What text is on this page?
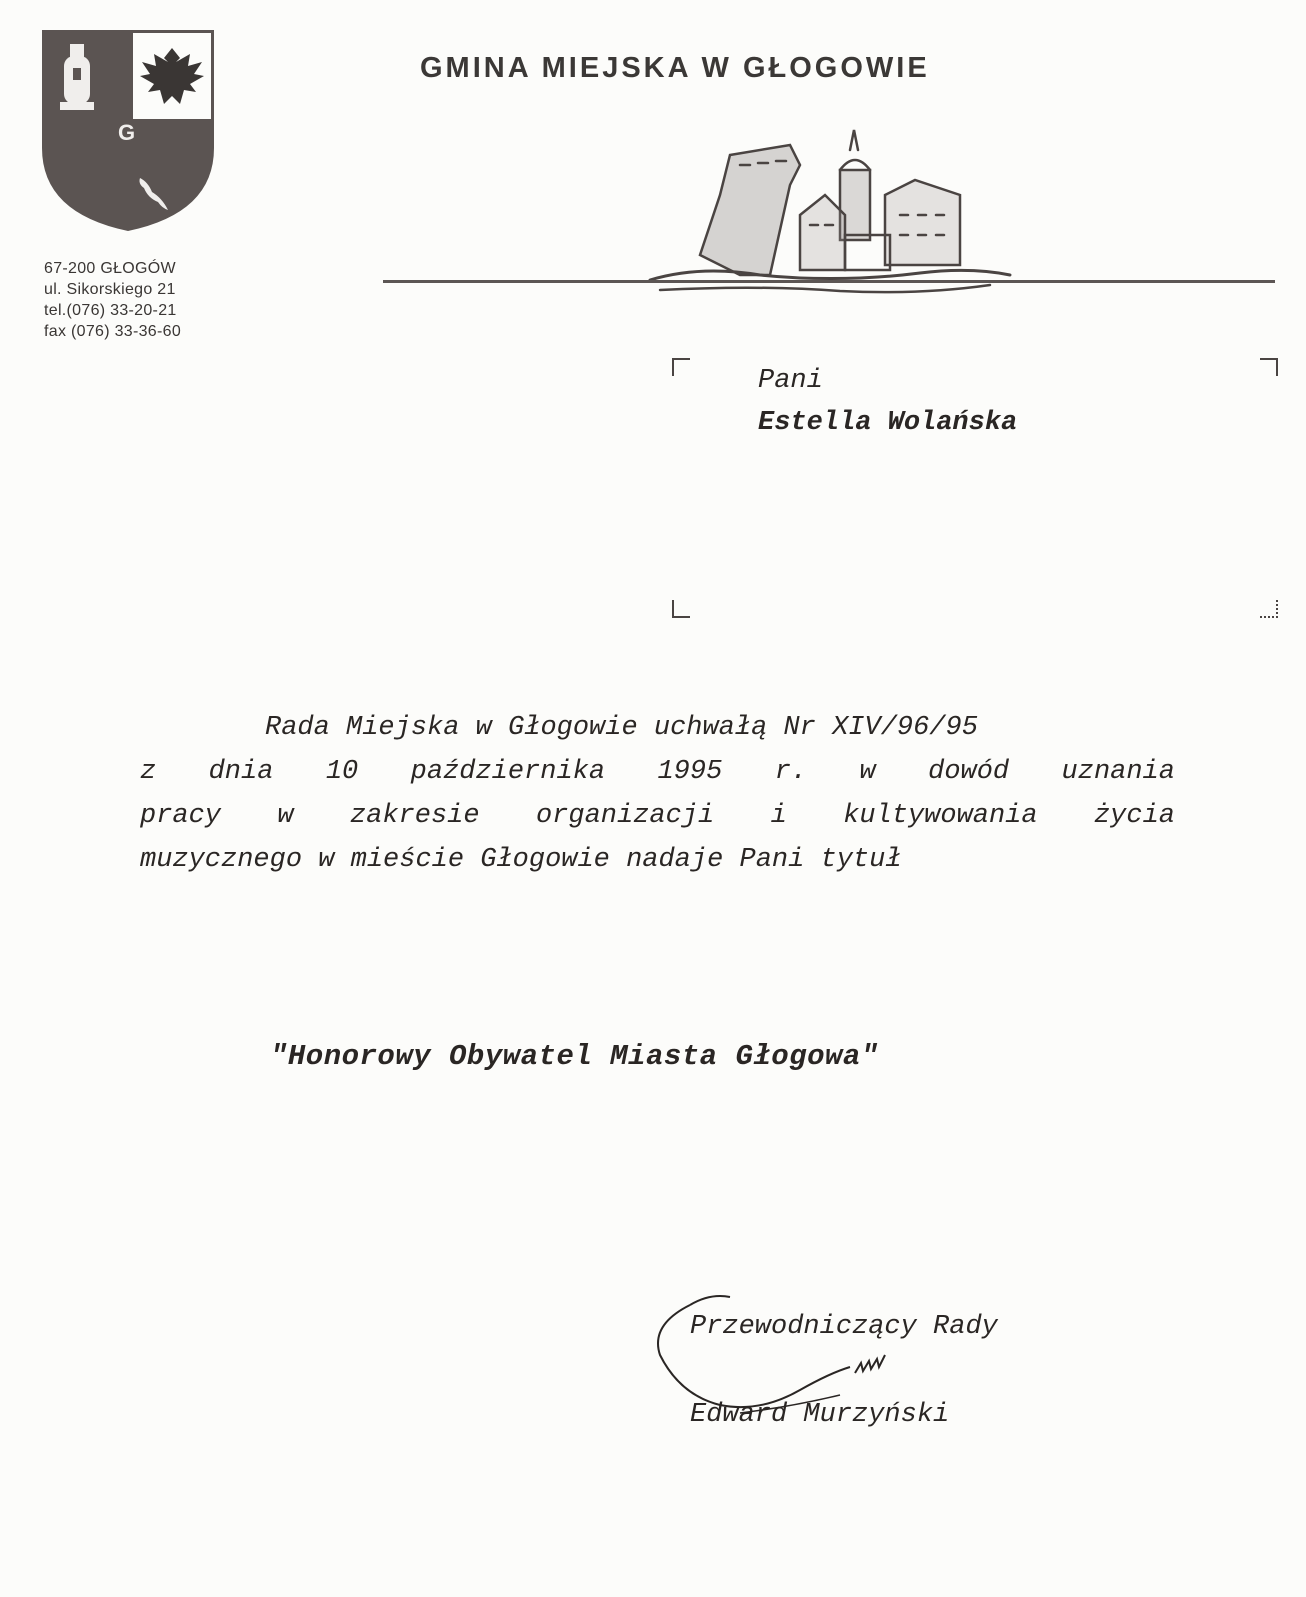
G
67-200 GŁOGÓW
ul. Sikorskiego 21
tel.(076) 33-20-21
fax (076) 33-36-60
GMINA MIEJSKA W GŁOGOWIE
Pani
Estella Wolańska
Rada Miejska w Głogowie uchwałą Nr XIV/96/95
z dnia 10 października 1995 r. w dowód uznania
pracy w zakresie organizacji i kultywowania życia
muzycznego w mieście Głogowie nadaje Pani tytuł
"Honorowy Obywatel Miasta Głogowa"
Przewodniczący Rady
Edward Murzyński
